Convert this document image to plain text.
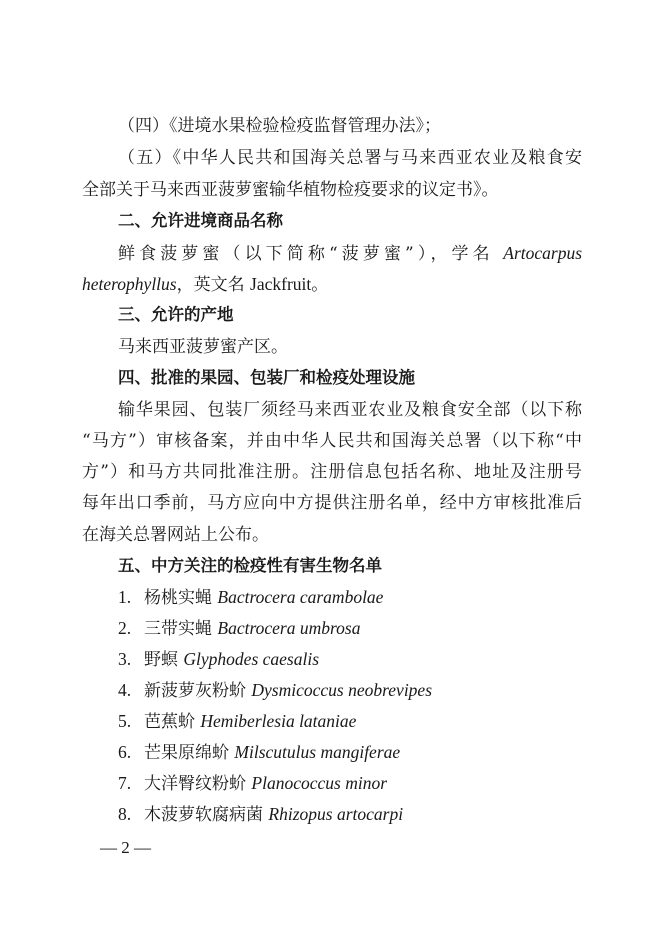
（四）《进境水果检验检疫监督管理办法》；
（五）《中华人民共和国海关总署与马来西亚农业及粮食安
全部关于马来西亚菠萝蜜输华植物检疫要求的议定书》。
二、允许进境商品名称
鲜食菠萝蜜（以下简称“菠萝蜜”），学名 Artocarpus
heterophyllus，英文名 Jackfruit。
三、允许的产地
马来西亚菠萝蜜产区。
四、批准的果园、包装厂和检疫处理设施
输华果园、包装厂须经马来西亚农业及粮食安全部（以下称
“马方”）审核备案，并由中华人民共和国海关总署（以下称“中
方”）和马方共同批准注册。注册信息包括名称、地址及注册号
每年出口季前，马方应向中方提供注册名单，经中方审核批准后
在海关总署网站上公布。
五、中方关注的检疫性有害生物名单
1. 杨桃实蝇 Bactrocera carambolae
2. 三带实蝇 Bactrocera umbrosa
3. 野螟 Glyphodes caesalis
4. 新菠萝灰粉蚧 Dysmicoccus neobrevipes
5. 芭蕉蚧 Hemiberlesia lataniae
6. 芒果原绵蚧 Milscutulus mangiferae
7. 大洋臀纹粉蚧 Planococcus minor
8. 木菠萝软腐病菌 Rhizopus artocarpi
— 2 —
